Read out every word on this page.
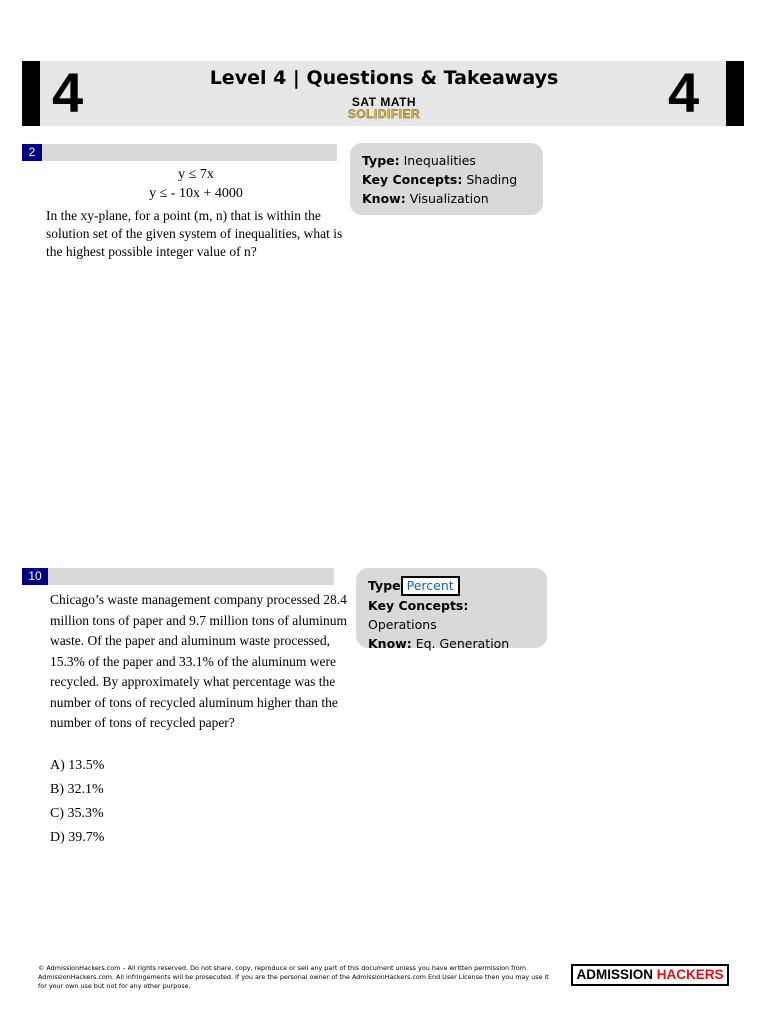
4	4
Level 4 | Questions & Takeaways
SAT MATH
SOLIDIFIER
2
y ≤ 7x
y ≤ - 10x + 4000
In the xy-plane, for a point (m, n) that is within the solution set of the given system of inequalities, what is the highest possible integer value of n?
Type: Inequalities
Key Concepts: Shading
Know: Visualization
10
Chicago’s waste management company processed 28.4 million tons of paper and 9.7 million tons of aluminum waste. Of the paper and aluminum waste processed, 15.3% of the paper and 33.1% of the aluminum were recycled. By approximately what percentage was the number of tons of recycled aluminum higher than the number of tons of recycled paper?
A) 13.5%
B) 32.1%
C) 35.3%
D) 39.7%
Type Percent
Key Concepts: Operations
Know: Eq. Generation
© AdmissionHackers.com – All rights reserved. Do not share, copy, reproduce or sell any part of this document unless you have written permission from AdmissionHackers.com. All infringements will be prosecuted. If you are the personal owner of the AdmissionHackers.com End User License then you may use it for your own use but not for any other purpose.
ADMISSION HACKERS
